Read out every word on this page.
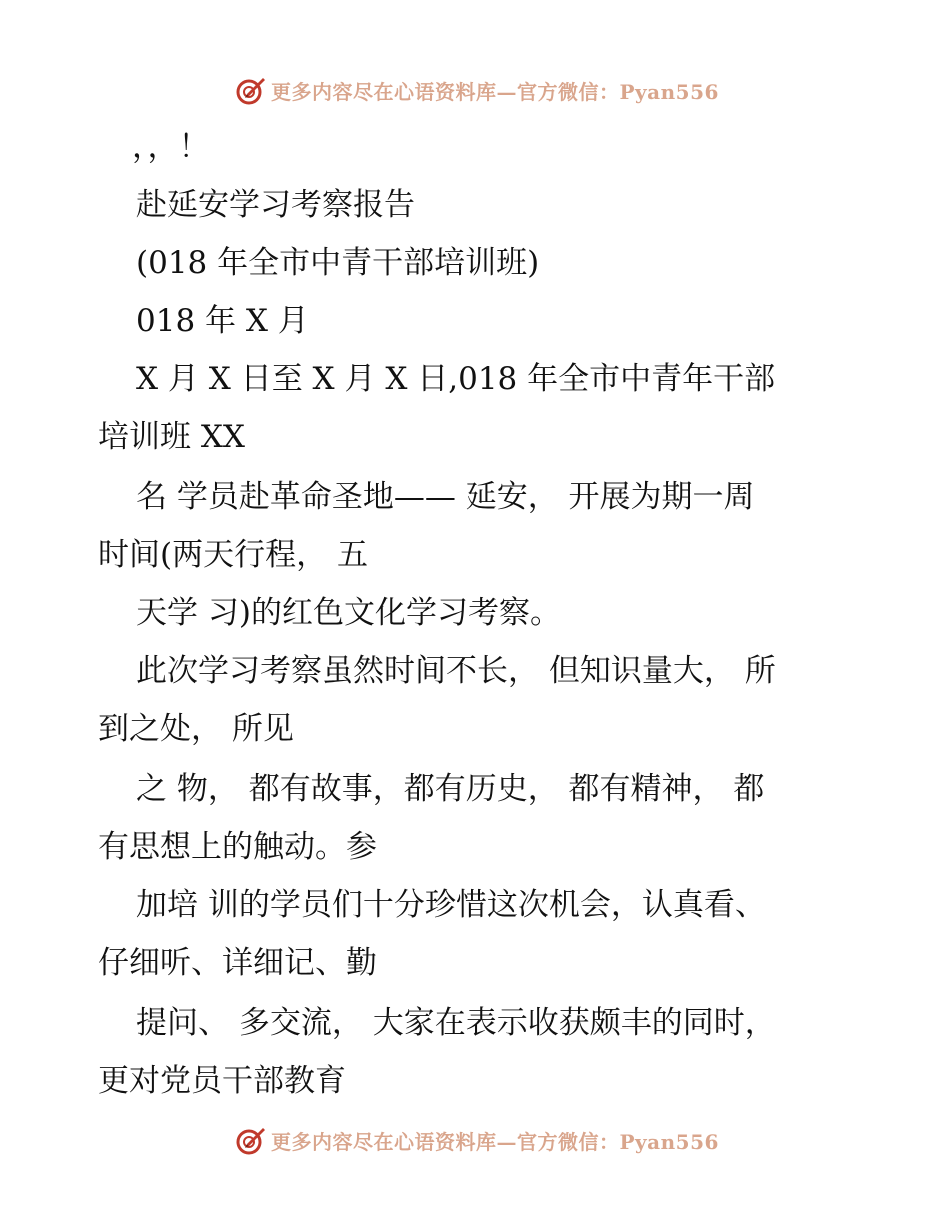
更多内容尽在心语资料库—官方微信：Pyan556
，，！
赴延安学习考察报告
(018 年全市中青干部培训班)
018 年 X 月
X 月 X 日至 X 月 X 日,018 年全市中青年干部
培训班 XX
名 学员赴革命圣地—— 延安， 开展为期一周
时间(两天行程， 五
天学 习)的红色文化学习考察。
此次学习考察虽然时间不长， 但知识量大， 所
到之处， 所见
之 物， 都有故事，都有历史， 都有精神， 都
有思想上的触动。参
加培 训的学员们十分珍惜这次机会，认真看、
仔细听、详细记、勤
提问、 多交流， 大家在表示收获颇丰的同时，
更对党员干部教育
更多内容尽在心语资料库—官方微信：Pyan556
